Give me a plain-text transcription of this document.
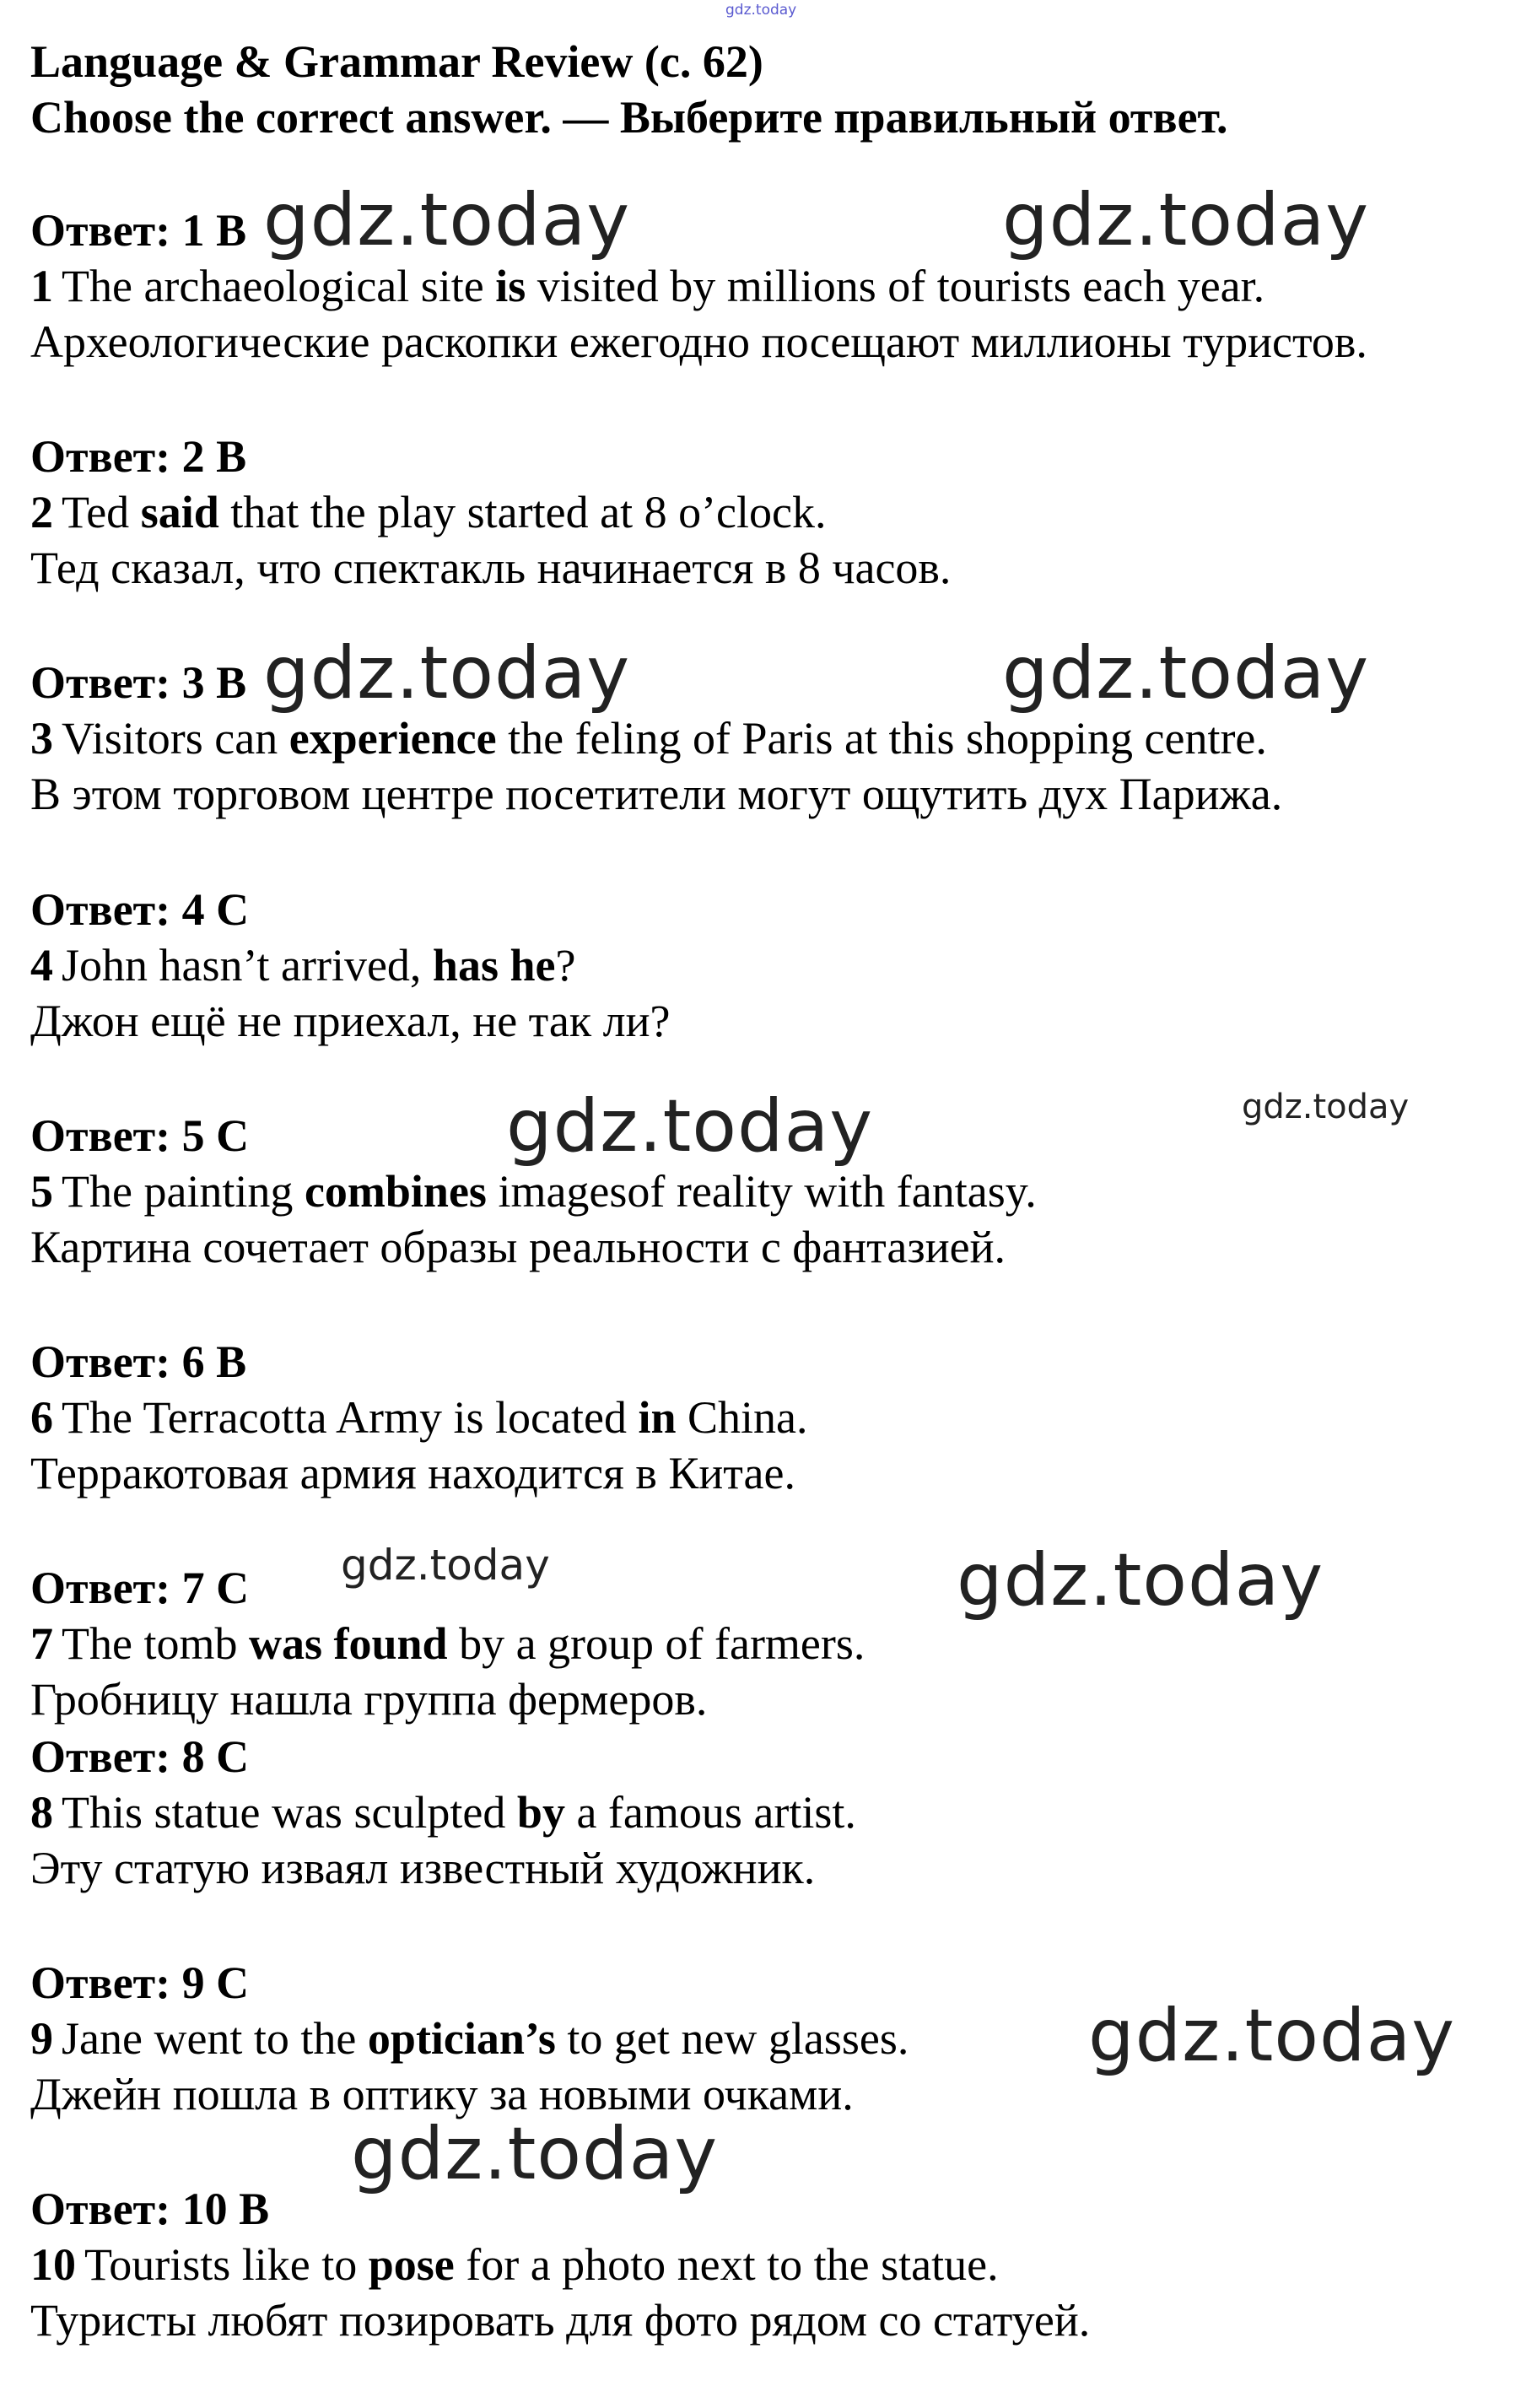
gdz.today
Language & Grammar Review (с. 62)
Choose the correct answer. — Выберите правильный ответ.
Ответ: 1 B
1 The archaeological site is visited by millions of tourists each year.
Археологические раскопки ежегодно посещают миллионы туристов.
Ответ: 2 B
2 Ted said that the play started at 8 o’clock.
Тед сказал, что спектакль начинается в 8 часов.
Ответ: 3 B
3 Visitors can experience the feling of Paris at this shopping centre.
В этом торговом центре посетители могут ощутить дух Парижа.
Ответ: 4 C
4 John hasn’t arrived, has he?
Джон ещё не приехал, не так ли?
Ответ: 5 C
5 The painting combines imagesof reality with fantasy.
Картина сочетает образы реальности с фантазией.
Ответ: 6 B
6 The Terracotta Army is located in China.
Терракотовая армия находится в Китае.
Ответ: 7 C
7 The tomb was found by a group of farmers.
Гробницу нашла группа фермеров.
Ответ: 8 C
8 This statue was sculpted by a famous artist.
Эту статую изваял известный художник.
Ответ: 9 C
9 Jane went to the optician’s to get new glasses.
Джейн пошла в оптику за новыми очками.
Ответ: 10 B
10 Tourists like to pose for a photo next to the statue.
Туристы любят позировать для фото рядом со статуей.
gdz.today	gdz.today
gdz.today	gdz.today
gdz.today	gdz.today
gdz.today	gdz.today
gdz.today
gdz.today
